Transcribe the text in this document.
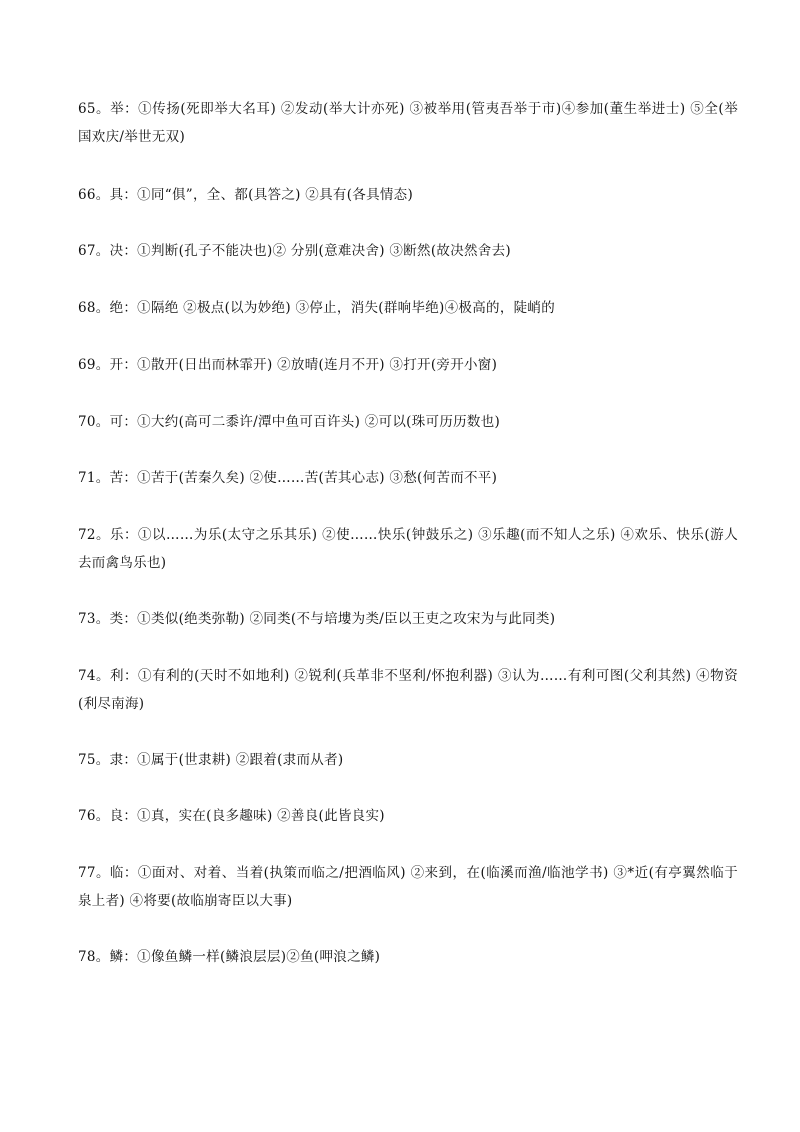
65。举：①传扬(死即举大名耳) ②发动(举大计亦死) ③被举用(管夷吾举于市)④参加(董生举进士) ⑤全(举国欢庆/举世无双)

66。具：①同“俱”，全、都(具答之) ②具有(各具情态)

67。决：①判断(孔子不能决也)② 分别(意难决舍) ③断然(故决然舍去)

68。绝：①隔绝 ②极点(以为妙绝) ③停止，消失(群响毕绝)④极高的，陡峭的

69。开：①散开(日出而林霏开) ②放晴(连月不开) ③打开(旁开小窗)

70。可：①大约(高可二黍许/潭中鱼可百许头) ②可以(珠可历历数也)

71。苦：①苦于(苦秦久矣) ②使……苦(苦其心志) ③愁(何苦而不平)

72。乐：①以……为乐(太守之乐其乐) ②使……快乐(钟鼓乐之) ③乐趣(而不知人之乐) ④欢乐、快乐(游人去而禽鸟乐也)

73。类：①类似(绝类弥勒) ②同类(不与培塿为类/臣以王吏之攻宋为与此同类)

74。利：①有利的(天时不如地利) ②锐利(兵革非不坚利/怀抱利器) ③认为……有利可图(父利其然) ④物资(利尽南海)

75。隶：①属于(世隶耕) ②跟着(隶而从者)

76。良：①真，实在(良多趣味) ②善良(此皆良实)

77。临：①面对、对着、当着(执策而临之/把酒临风) ②来到，在(临溪而渔/临池学书) ③*近(有亭翼然临于泉上者) ④将要(故临崩寄臣以大事)

78。鳞：①像鱼鳞一样(鳞浪层层)②鱼(呷浪之鳞)
